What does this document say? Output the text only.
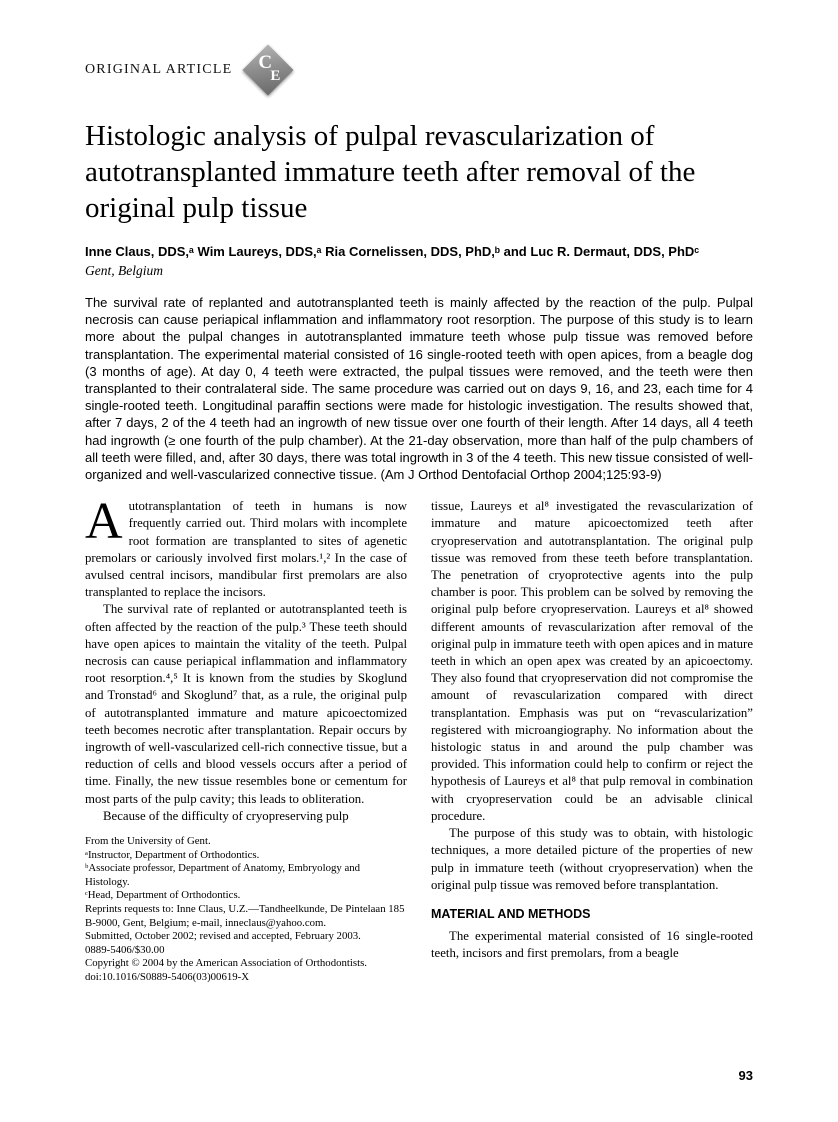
ORIGINAL ARTICLE C
E
Histologic analysis of pulpal revascularization of autotransplanted immature teeth after removal of the original pulp tissue

Inne Claus, DDS,ᵃ Wim Laureys, DDS,ᵃ Ria Cornelissen, DDS, PhD,ᵇ and Luc R. Dermaut, DDS, PhDᶜ

Gent, Belgium

The survival rate of replanted and autotransplanted teeth is mainly affected by the reaction of the pulp. Pulpal necrosis can cause periapical inflammation and inflammatory root resorption. The purpose of this study is to learn more about the pulpal changes in autotransplanted immature teeth whose pulp tissue was removed before transplantation. The experimental material consisted of 16 single-rooted teeth with open apices, from a beagle dog (3 months of age). At day 0, 4 teeth were extracted, the pulpal tissues were removed, and the teeth were then transplanted to their contralateral side. The same procedure was carried out on days 9, 16, and 23, each time for 4 single-rooted teeth. Longitudinal paraffin sections were made for histologic investigation. The results showed that, after 7 days, 2 of the 4 teeth had an ingrowth of new tissue over one fourth of their length. After 14 days, all 4 teeth had ingrowth (≥ one fourth of the pulp chamber). At the 21-day observation, more than half of the pulp chambers of all teeth were filled, and, after 30 days, there was total ingrowth in 3 of the 4 teeth. This new tissue consisted of well-organized and well-vascularized connective tissue. (Am J Orthod Dentofacial Orthop 2004;125:93-9)

Autotransplantation of teeth in humans is now frequently carried out. Third molars with incomplete root formation are transplanted to sites of agenetic premolars or cariously involved first molars.¹,² In the case of avulsed central incisors, mandibular first premolars are also transplanted to replace the incisors.

The survival rate of replanted or autotransplanted teeth is often affected by the reaction of the pulp.³ These teeth should have open apices to maintain the vitality of the teeth. Pulpal necrosis can cause periapical inflammation and inflammatory root resorption.⁴,⁵ It is known from the studies by Skoglund and Tronstad⁶ and Skoglund⁷ that, as a rule, the original pulp of autotransplanted immature and mature apicoectomized teeth becomes necrotic after transplantation. Repair occurs by ingrowth of well-vascularized cell-rich connective tissue, but a reduction of cells and blood vessels occurs after a period of time. Finally, the new tissue resembles bone or cementum for most parts of the pulp cavity; this leads to obliteration.

Because of the difficulty of cryopreserving pulp

From the University of Gent.
ᵃInstructor, Department of Orthodontics.
ᵇAssociate professor, Department of Anatomy, Embryology and Histology.
ᶜHead, Department of Orthodontics.
Reprints requests to: Inne Claus, U.Z.—Tandheelkunde, De Pintelaan 185 B-9000, Gent, Belgium; e-mail, inneclaus@yahoo.com.
Submitted, October 2002; revised and accepted, February 2003.
0889-5406/$30.00
Copyright © 2004 by the American Association of Orthodontists.
doi:10.1016/S0889-5406(03)00619-X

tissue, Laureys et al⁸ investigated the revascularization of immature and mature apicoectomized teeth after cryopreservation and autotransplantation. The original pulp tissue was removed from these teeth before transplantation. The penetration of cryoprotective agents into the pulp chamber is poor. This problem can be solved by removing the original pulp before cryopreservation. Laureys et al⁸ showed different amounts of revascularization after removal of the original pulp in immature teeth with open apices and in mature teeth in which an open apex was created by an apicoectomy. They also found that cryopreservation did not compromise the amount of revascularization compared with direct transplantation. Emphasis was put on “revascularization” registered with microangiography. No information about the histologic status in and around the pulp chamber was provided. This information could help to confirm or reject the hypothesis of Laureys et al⁸ that pulp removal in combination with cryopreservation could be an advisable clinical procedure.

The purpose of this study was to obtain, with histologic techniques, a more detailed picture of the properties of new pulp in immature teeth (without cryopreservation) when the original pulp tissue was removed before transplantation.

MATERIAL AND METHODS

The experimental material consisted of 16 single-rooted teeth, incisors and first premolars, from a beagle

93
